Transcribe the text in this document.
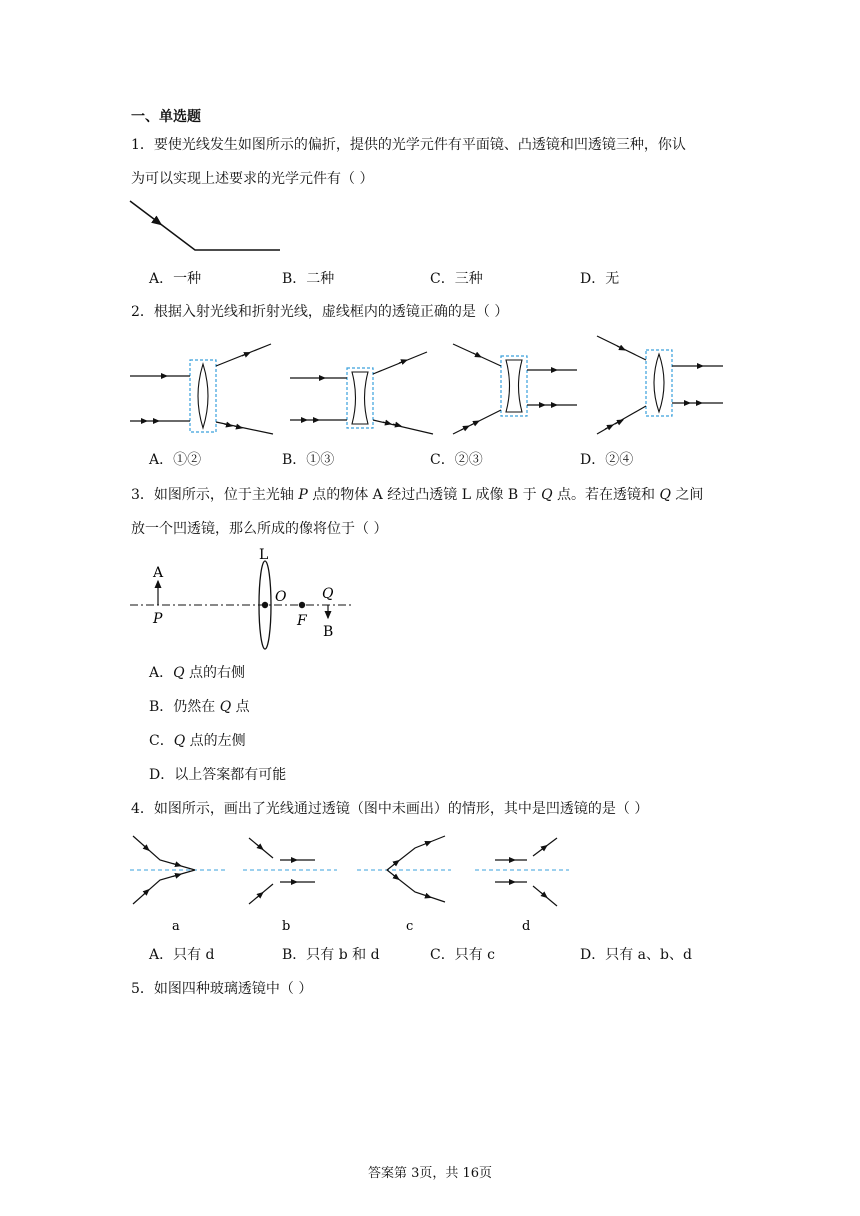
一、单选题
1．要使光线发生如图所示的偏折，提供的光学元件有平面镜、凸透镜和凹透镜三种，你认
为可以实现上述要求的光学元件有（ ）
A．一种	B．二种	C．三种	D．无
2．根据入射光线和折射光线，虚线框内的透镜正确的是（ ）
A．①②	B．①③	C．②③	D．②④
3．如图所示，位于主光轴 P 点的物体 A 经过凸透镜 L 成像 B 于 Q 点。若在透镜和 Q 之间
放一个凹透镜，那么所成的像将位于（ ）
L
A
P
O
F
Q
B
A．Q 点的右侧
B．仍然在 Q 点
C．Q 点的左侧
D．以上答案都有可能
4．如图所示，画出了光线通过透镜（图中未画出）的情形，其中是凹透镜的是（ ）
a	b	c	d
A．只有 d	B．只有 b 和 d	C．只有 c	D．只有 a、b、d
5．如图四种玻璃透镜中（ ）
答案第 3页，共 16页
